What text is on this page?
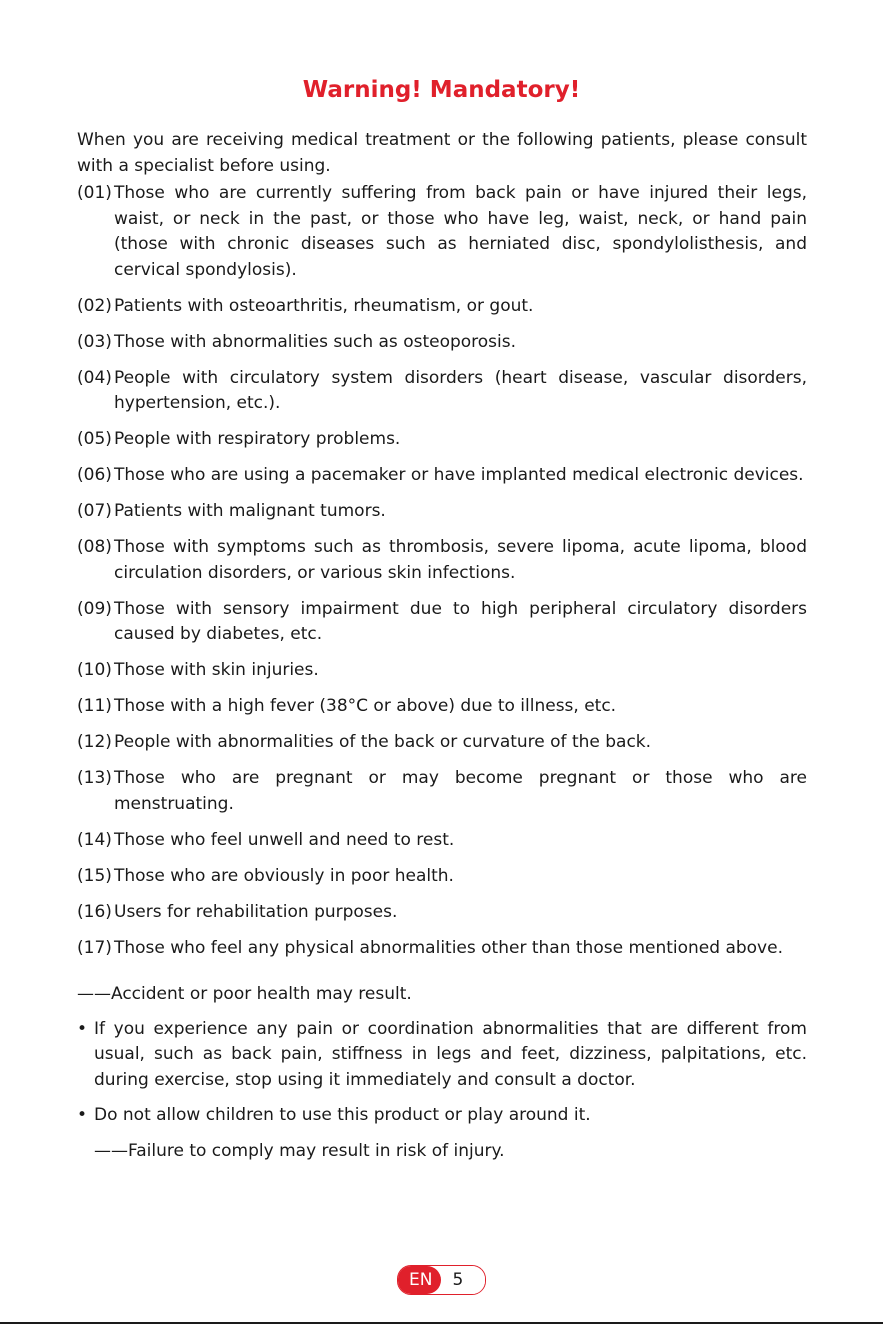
Warning! Mandatory!

When you are receiving medical treatment or the following patients, please consult with a specialist before using.

(01) Those who are currently suffering from back pain or have injured their legs, waist, or neck in the past, or those who have leg, waist, neck, or hand pain (those with chronic diseases such as herniated disc, spondylolisthesis, and cervical spondylosis).
(02) Patients with osteoarthritis, rheumatism, or gout.
(03) Those with abnormalities such as osteoporosis.
(04) People with circulatory system disorders (heart disease, vascular disorders, hypertension, etc.).
(05) People with respiratory problems.
(06) Those who are using a pacemaker or have implanted medical electronic devices.
(07) Patients with malignant tumors.
(08) Those with symptoms such as thrombosis, severe lipoma, acute lipoma, blood circulation disorders, or various skin infections.
(09) Those with sensory impairment due to high peripheral circulatory disorders caused by diabetes, etc.
(10) Those with skin injuries.
(11) Those with a high fever (38°C or above) due to illness, etc.
(12) People with abnormalities of the back or curvature of the back.
(13) Those who are pregnant or may become pregnant or those who are menstruating.
(14) Those who feel unwell and need to rest.
(15) Those who are obviously in poor health.
(16) Users for rehabilitation purposes.
(17) Those who feel any physical abnormalities other than those mentioned above.
——Accident or poor health may result.
• If you experience any pain or coordination abnormalities that are different from usual, such as back pain, stiffness in legs and feet, dizziness, palpitations, etc. during exercise, stop using it immediately and consult a doctor.
• Do not allow children to use this product or play around it.
——Failure to comply may result in risk of injury.
EN	5
